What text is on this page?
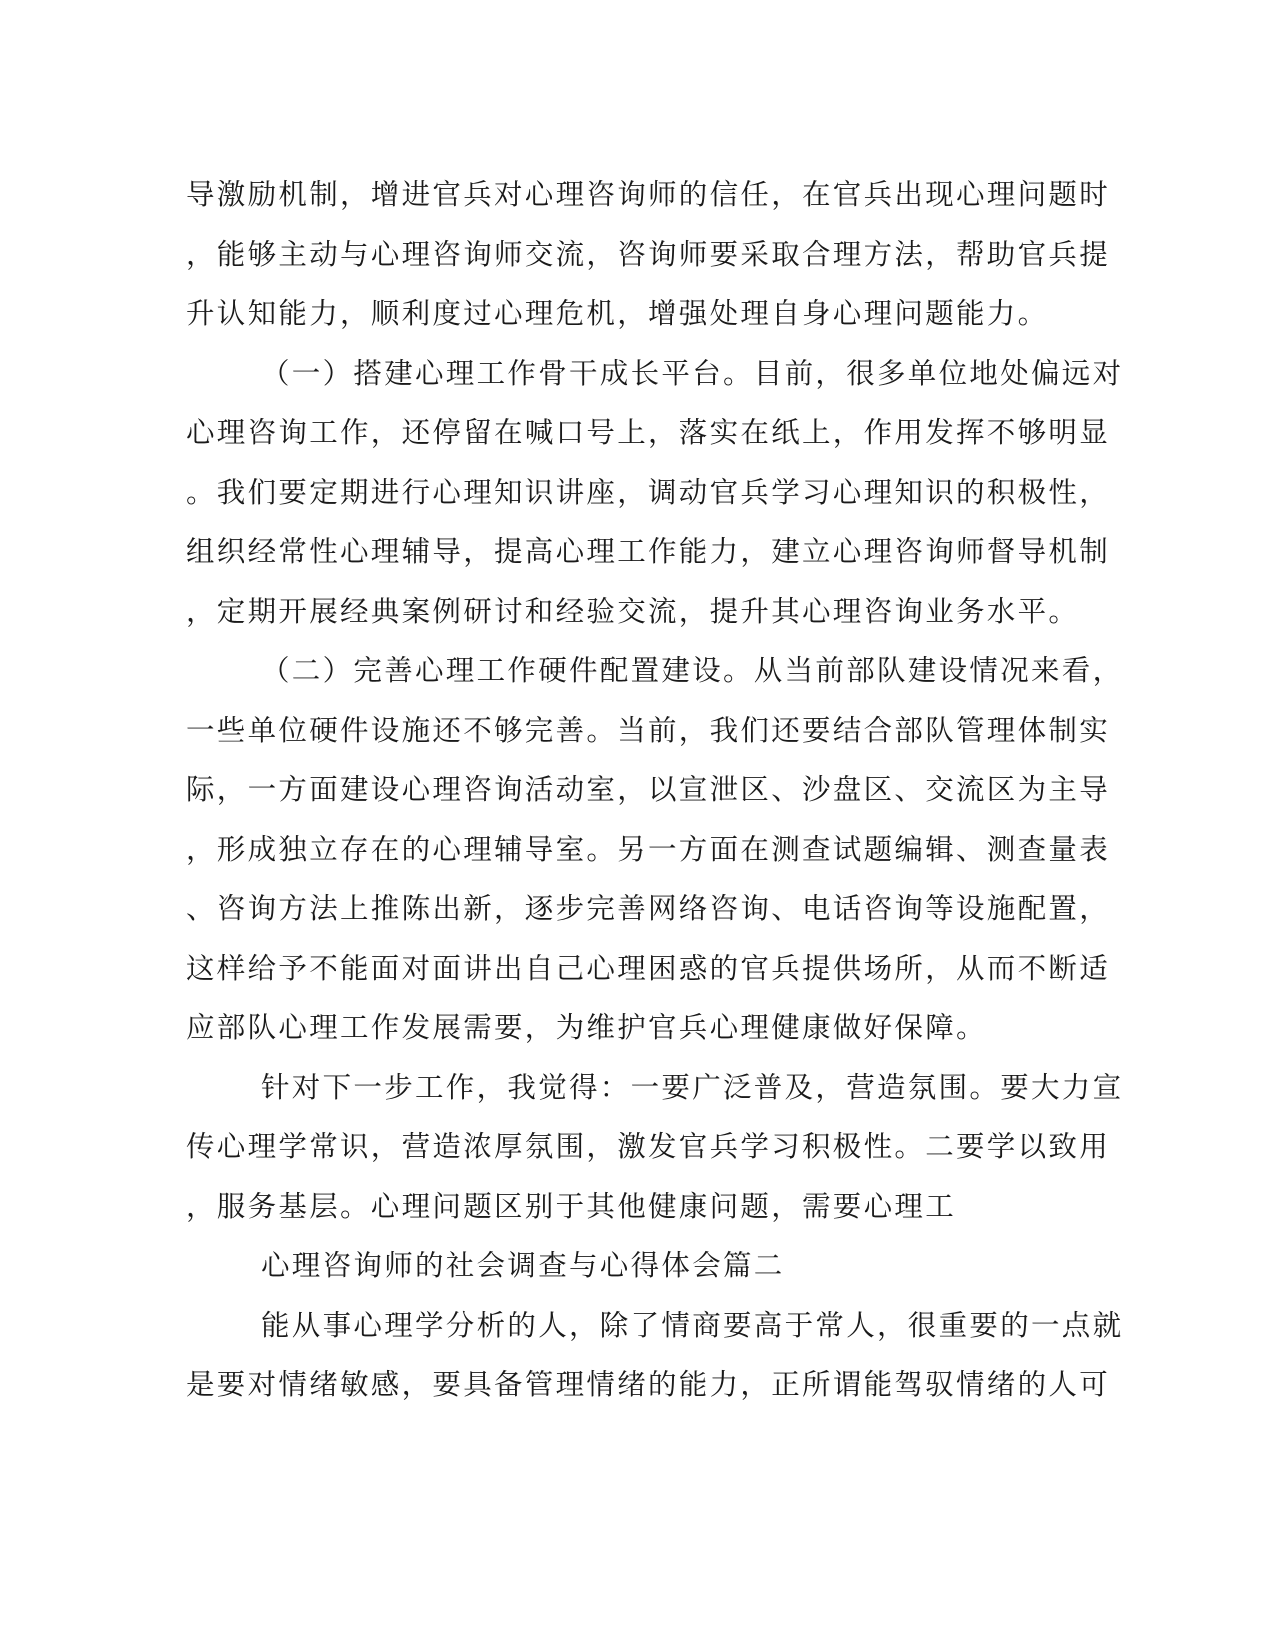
导激励机制，增进官兵对心理咨询师的信任，在官兵出现心理问题时
，能够主动与心理咨询师交流，咨询师要采取合理方法，帮助官兵提
升认知能力，顺利度过心理危机，增强处理自身心理问题能力。
（一）搭建心理工作骨干成长平台。目前，很多单位地处偏远对
心理咨询工作，还停留在喊口号上，落实在纸上，作用发挥不够明显
。我们要定期进行心理知识讲座，调动官兵学习心理知识的积极性，
组织经常性心理辅导，提高心理工作能力，建立心理咨询师督导机制
，定期开展经典案例研讨和经验交流，提升其心理咨询业务水平。
（二）完善心理工作硬件配置建设。从当前部队建设情况来看，
一些单位硬件设施还不够完善。当前，我们还要结合部队管理体制实
际，一方面建设心理咨询活动室，以宣泄区、沙盘区、交流区为主导
，形成独立存在的心理辅导室。另一方面在测查试题编辑、测查量表
、咨询方法上推陈出新，逐步完善网络咨询、电话咨询等设施配置，
这样给予不能面对面讲出自己心理困惑的官兵提供场所，从而不断适
应部队心理工作发展需要，为维护官兵心理健康做好保障。
针对下一步工作，我觉得：一要广泛普及，营造氛围。要大力宣
传心理学常识，营造浓厚氛围，激发官兵学习积极性。二要学以致用
，服务基层。心理问题区别于其他健康问题，需要心理工
心理咨询师的社会调查与心得体会篇二
能从事心理学分析的人，除了情商要高于常人，很重要的一点就
是要对情绪敏感，要具备管理情绪的能力，正所谓能驾驭情绪的人可
